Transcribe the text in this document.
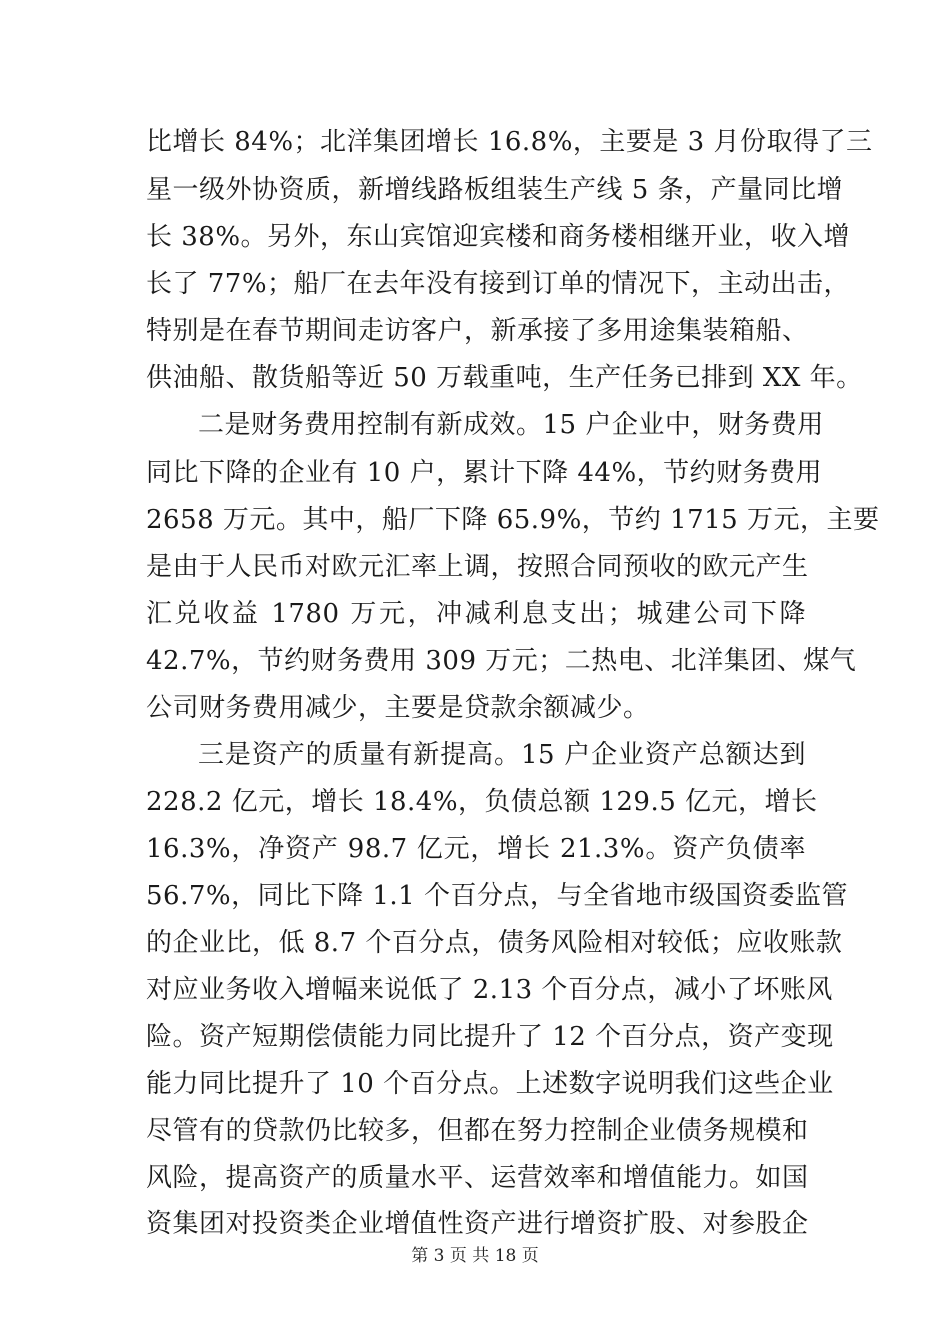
比增长 84%；北洋集团增长 16.8%，主要是 3 月份取得了三
星一级外协资质，新增线路板组装生产线 5 条，产量同比增
长 38%。另外，东山宾馆迎宾楼和商务楼相继开业，收入增
长了 77%；船厂在去年没有接到订单的情况下，主动出击，
特别是在春节期间走访客户，新承接了多用途集装箱船、
供油船、散货船等近 50 万载重吨，生产任务已排到 XX 年。
二是财务费用控制有新成效。15 户企业中，财务费用
同比下降的企业有 10 户，累计下降 44%，节约财务费用
2658 万元。其中，船厂下降 65.9%，节约 1715 万元，主要
是由于人民币对欧元汇率上调，按照合同预收的欧元产生
汇兑收益 1780 万元，冲减利息支出；城建公司下降
42.7%，节约财务费用 309 万元；二热电、北洋集团、煤气
公司财务费用减少，主要是贷款余额减少。
三是资产的质量有新提高。15 户企业资产总额达到
228.2 亿元，增长 18.4%，负债总额 129.5 亿元，增长
16.3%，净资产 98.7 亿元，增长 21.3%。资产负债率
56.7%，同比下降 1.1 个百分点，与全省地市级国资委监管
的企业比，低 8.7 个百分点，债务风险相对较低；应收账款
对应业务收入增幅来说低了 2.13 个百分点，减小了坏账风
险。资产短期偿债能力同比提升了 12 个百分点，资产变现
能力同比提升了 10 个百分点。上述数字说明我们这些企业
尽管有的贷款仍比较多，但都在努力控制企业债务规模和
风险，提高资产的质量水平、运营效率和增值能力。如国
资集团对投资类企业增值性资产进行增资扩股、对参股企
第 3 页 共 18 页
